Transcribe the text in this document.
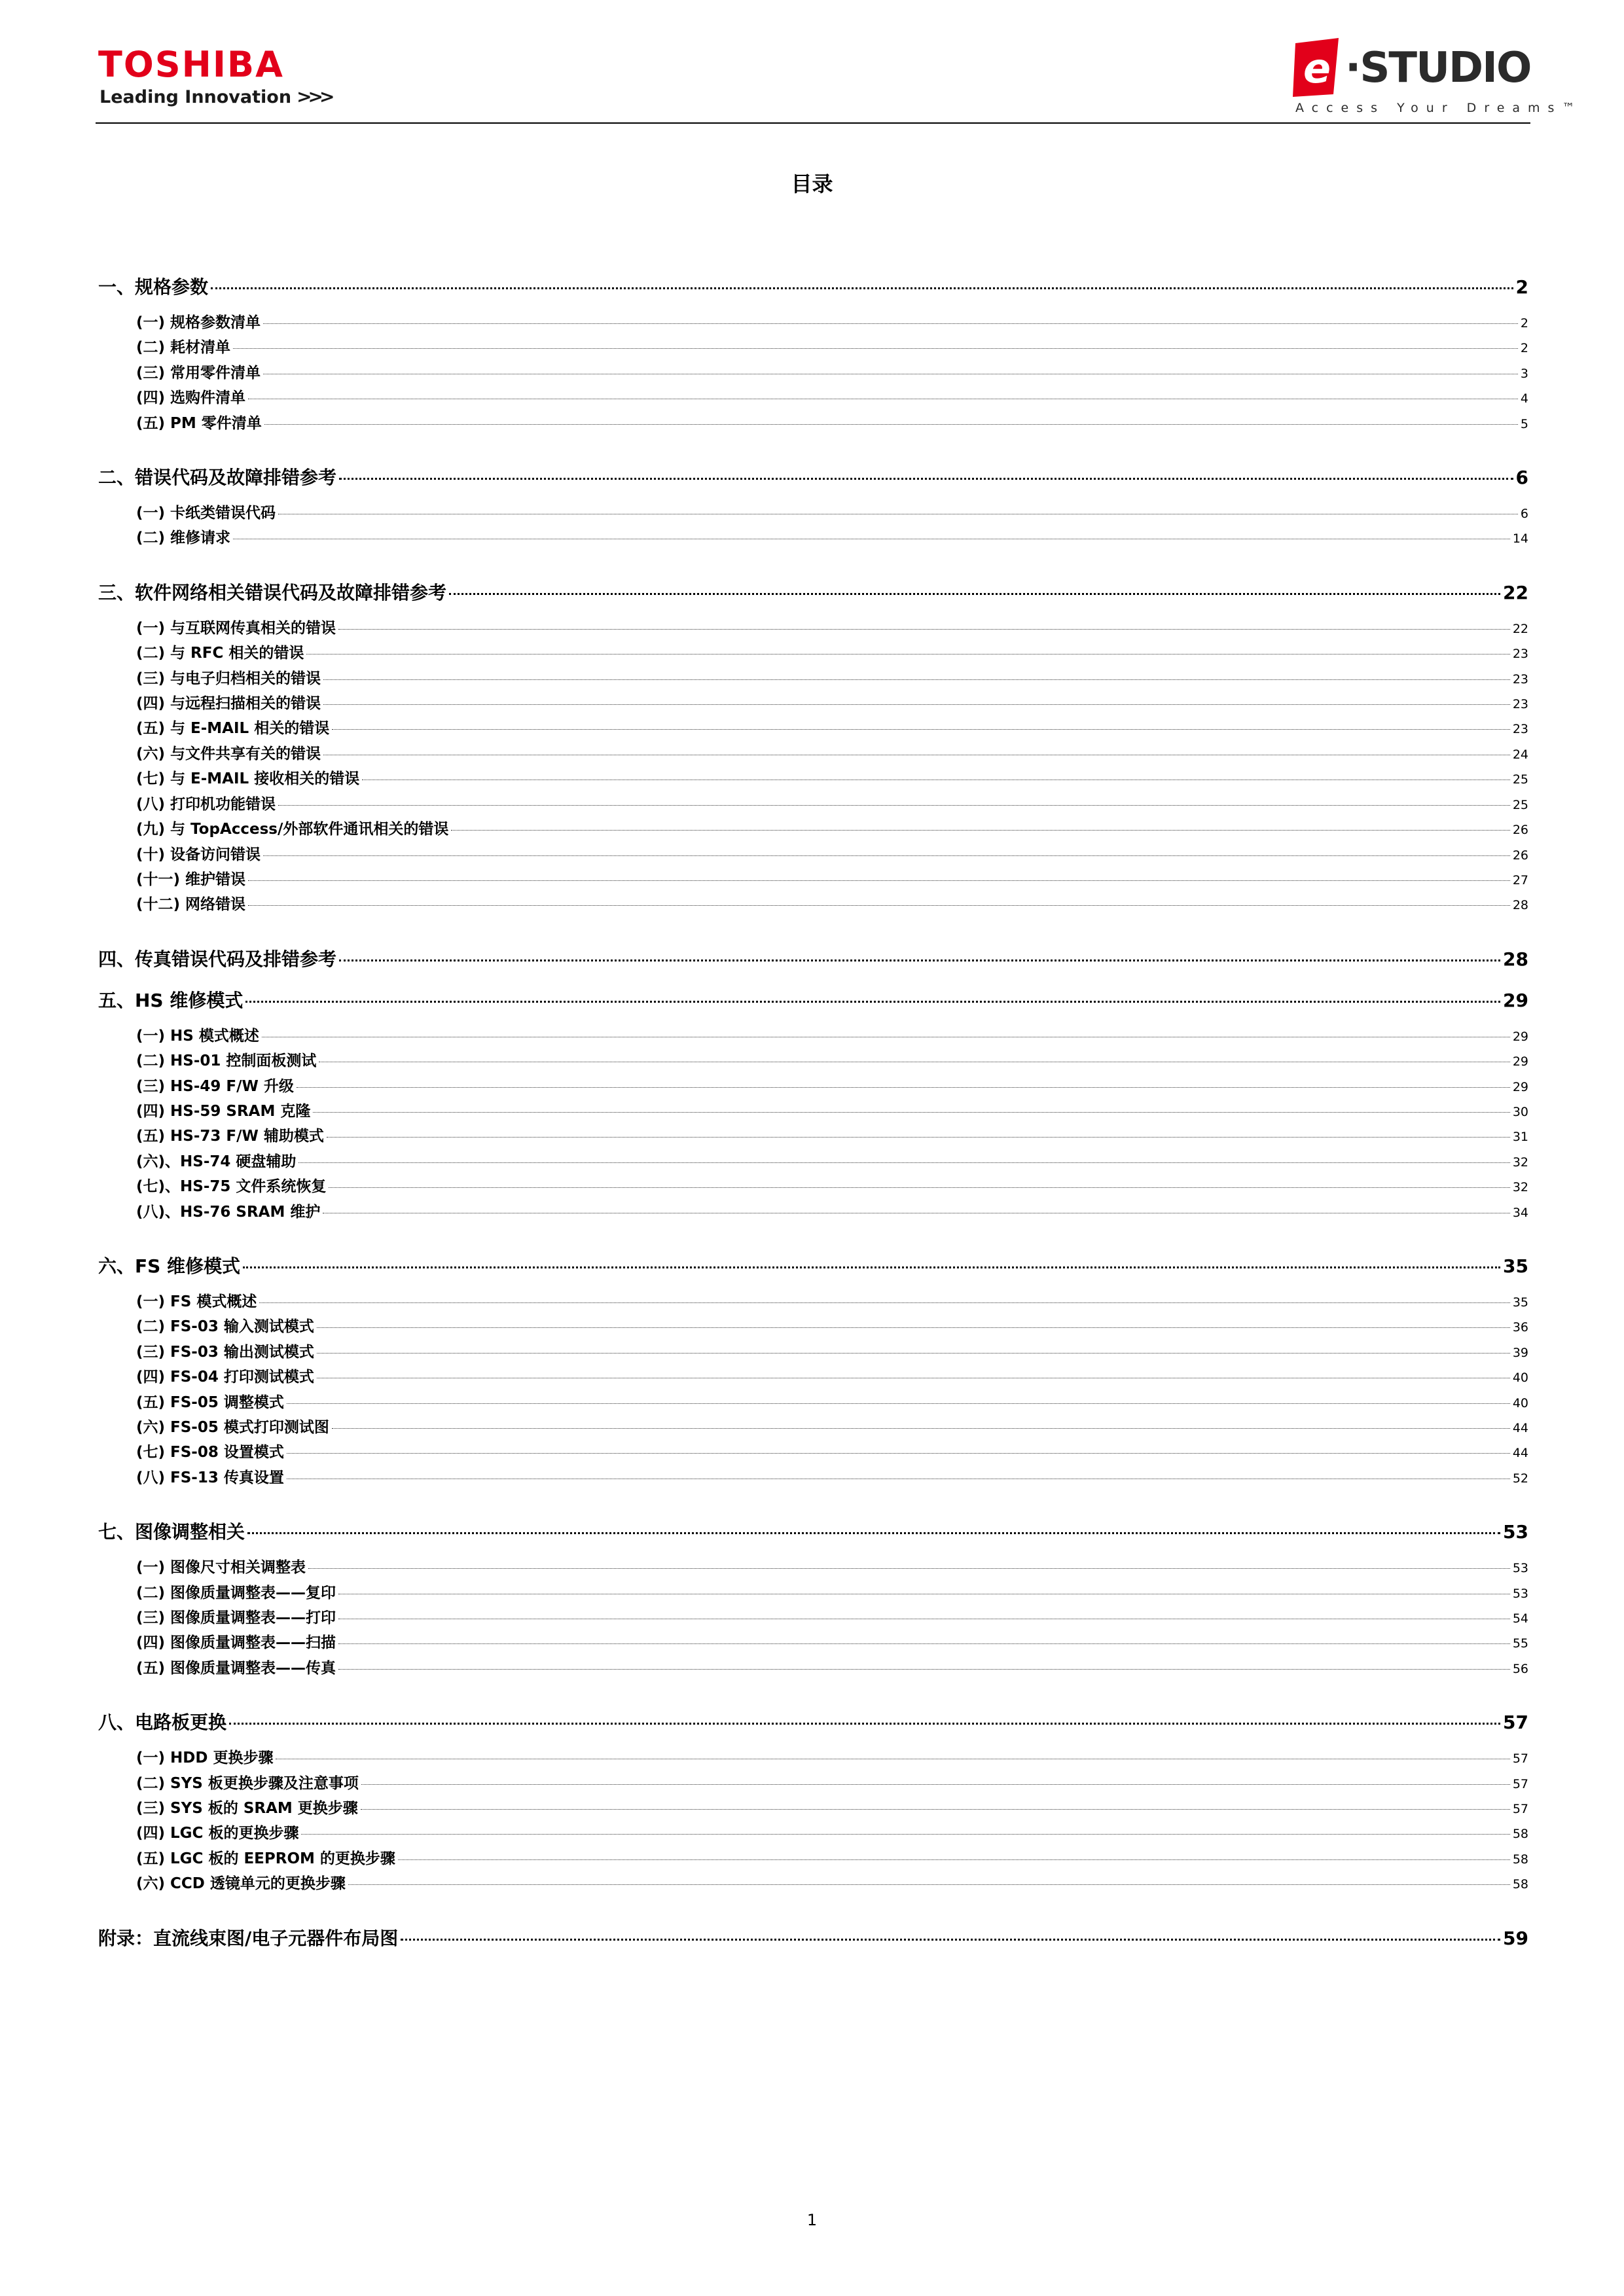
TOSHIBA
Leading Innovation >>>
e ·STUDIO
Access Your Dreams™
目录
一、规格参数	2
(一) 规格参数清单	2
(二) 耗材清单	2
(三) 常用零件清单	3
(四) 选购件清单	4
(五) PM 零件清单	5
二、错误代码及故障排错参考	6
(一) 卡纸类错误代码	6
(二) 维修请求	14
三、软件网络相关错误代码及故障排错参考	22
(一) 与互联网传真相关的错误	22
(二) 与 RFC 相关的错误	23
(三) 与电子归档相关的错误	23
(四) 与远程扫描相关的错误	23
(五) 与 E-MAIL 相关的错误	23
(六) 与文件共享有关的错误	24
(七) 与 E-MAIL 接收相关的错误	25
(八) 打印机功能错误	25
(九) 与 TopAccess/外部软件通讯相关的错误	26
(十) 设备访问错误	26
(十一) 维护错误	27
(十二) 网络错误	28
四、传真错误代码及排错参考	28
五、HS 维修模式	29
(一) HS 模式概述	29
(二) HS-01 控制面板测试	29
(三) HS-49 F/W 升级	29
(四) HS-59 SRAM 克隆	30
(五) HS-73 F/W 辅助模式	31
(六)、HS-74 硬盘辅助	32
(七)、HS-75 文件系统恢复	32
(八)、HS-76 SRAM 维护	34
六、FS 维修模式	35
(一) FS 模式概述	35
(二) FS-03 输入测试模式	36
(三) FS-03 输出测试模式	39
(四) FS-04 打印测试模式	40
(五) FS-05 调整模式	40
(六) FS-05 模式打印测试图	44
(七) FS-08 设置模式	44
(八) FS-13 传真设置	52
七、图像调整相关	53
(一) 图像尺寸相关调整表	53
(二) 图像质量调整表——复印	53
(三) 图像质量调整表——打印	54
(四) 图像质量调整表——扫描	55
(五) 图像质量调整表——传真	56
八、电路板更换	57
(一) HDD 更换步骤	57
(二) SYS 板更换步骤及注意事项	57
(三) SYS 板的 SRAM 更换步骤	57
(四) LGC 板的更换步骤	58
(五) LGC 板的 EEPROM 的更换步骤	58
(六) CCD 透镜单元的更换步骤	58
附录：直流线束图/电子元器件布局图	59
1
